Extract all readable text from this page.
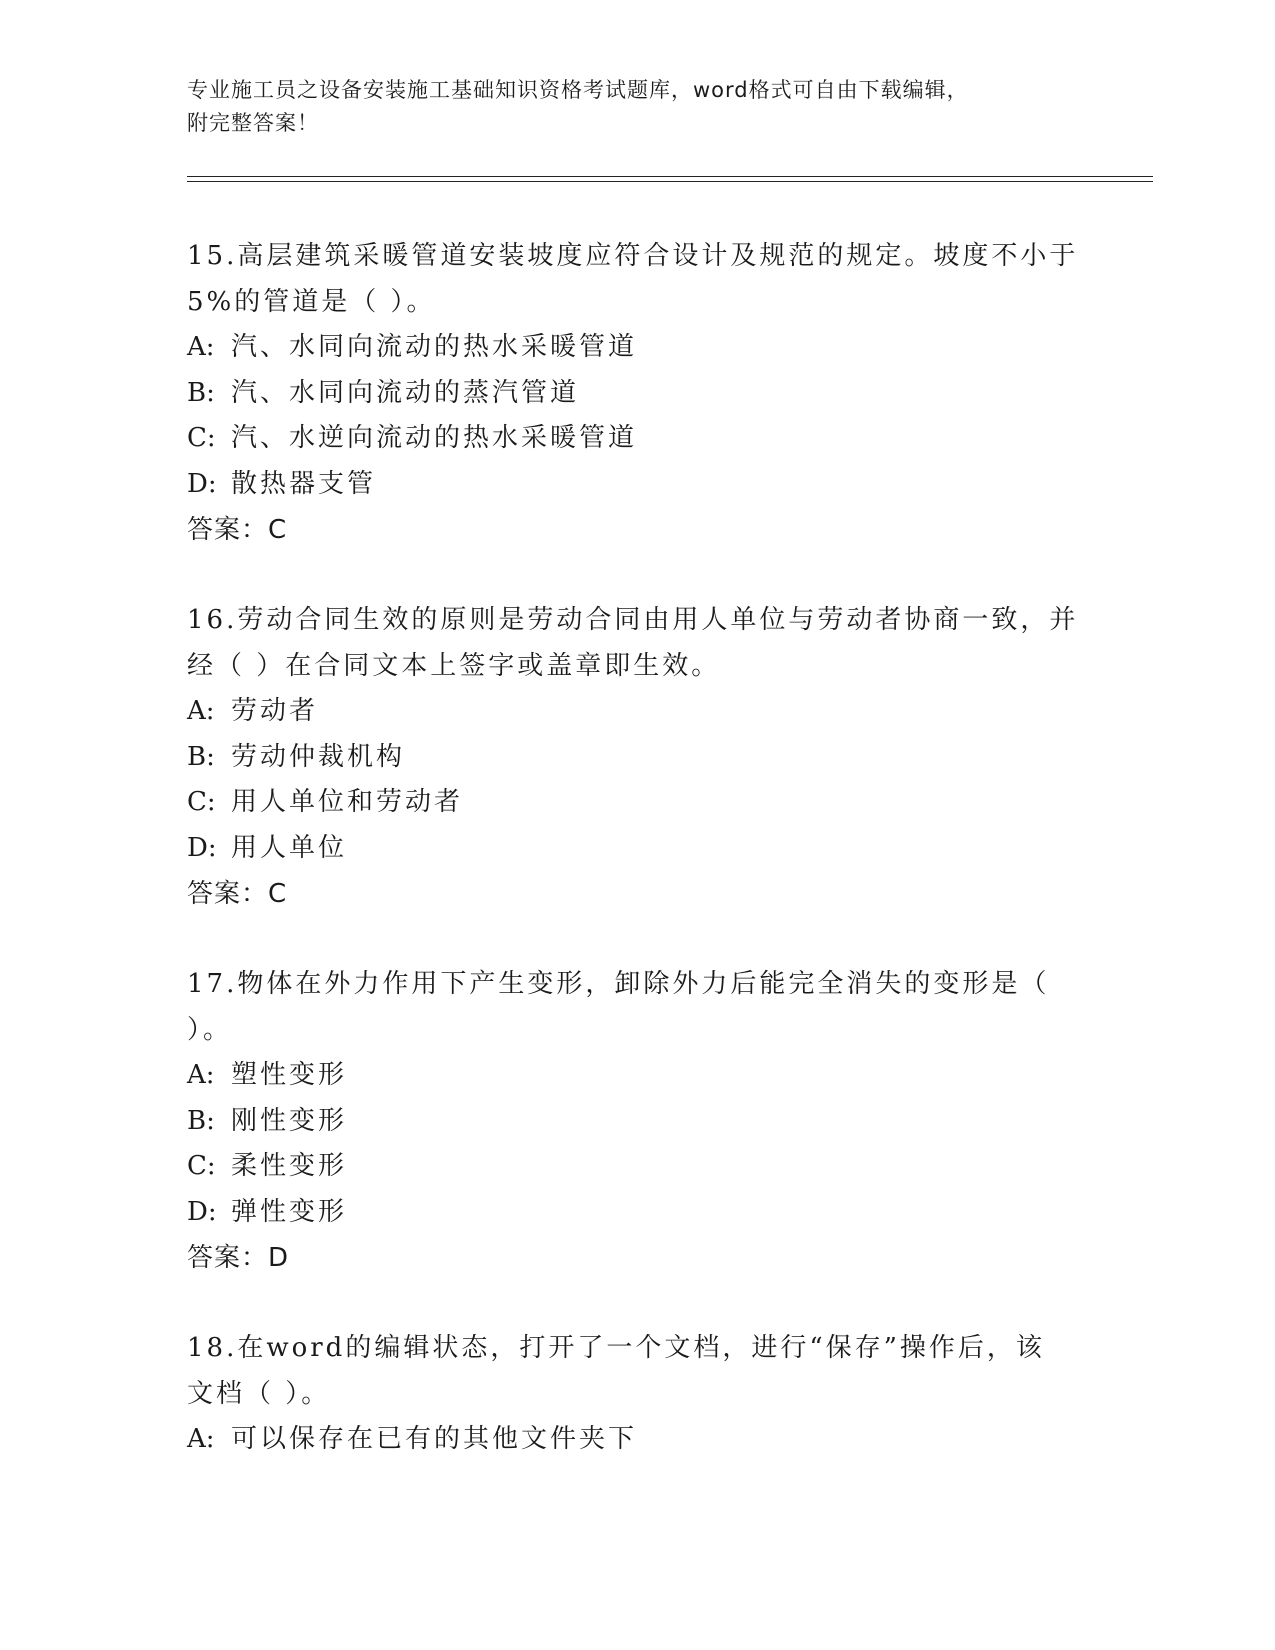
专业施工员之设备安装施工基础知识资格考试题库，word格式可自由下载编辑，
附完整答案！
15.高层建筑采暖管道安装坡度应符合设计及规范的规定。坡度不小于
5%的管道是（ ）。
A: 汽、水同向流动的热水采暖管道
B: 汽、水同向流动的蒸汽管道
C: 汽、水逆向流动的热水采暖管道
D: 散热器支管
答案：C
16.劳动合同生效的原则是劳动合同由用人单位与劳动者协商一致，并
经（ ）在合同文本上签字或盖章即生效。
A: 劳动者
B: 劳动仲裁机构
C: 用人单位和劳动者
D: 用人单位
答案：C
17.物体在外力作用下产生变形，卸除外力后能完全消失的变形是（
）。
A: 塑性变形
B: 刚性变形
C: 柔性变形
D: 弹性变形
答案：D
18.在word的编辑状态，打开了一个文档，进行“保存”操作后，该
文档（ ）。
A: 可以保存在已有的其他文件夹下
